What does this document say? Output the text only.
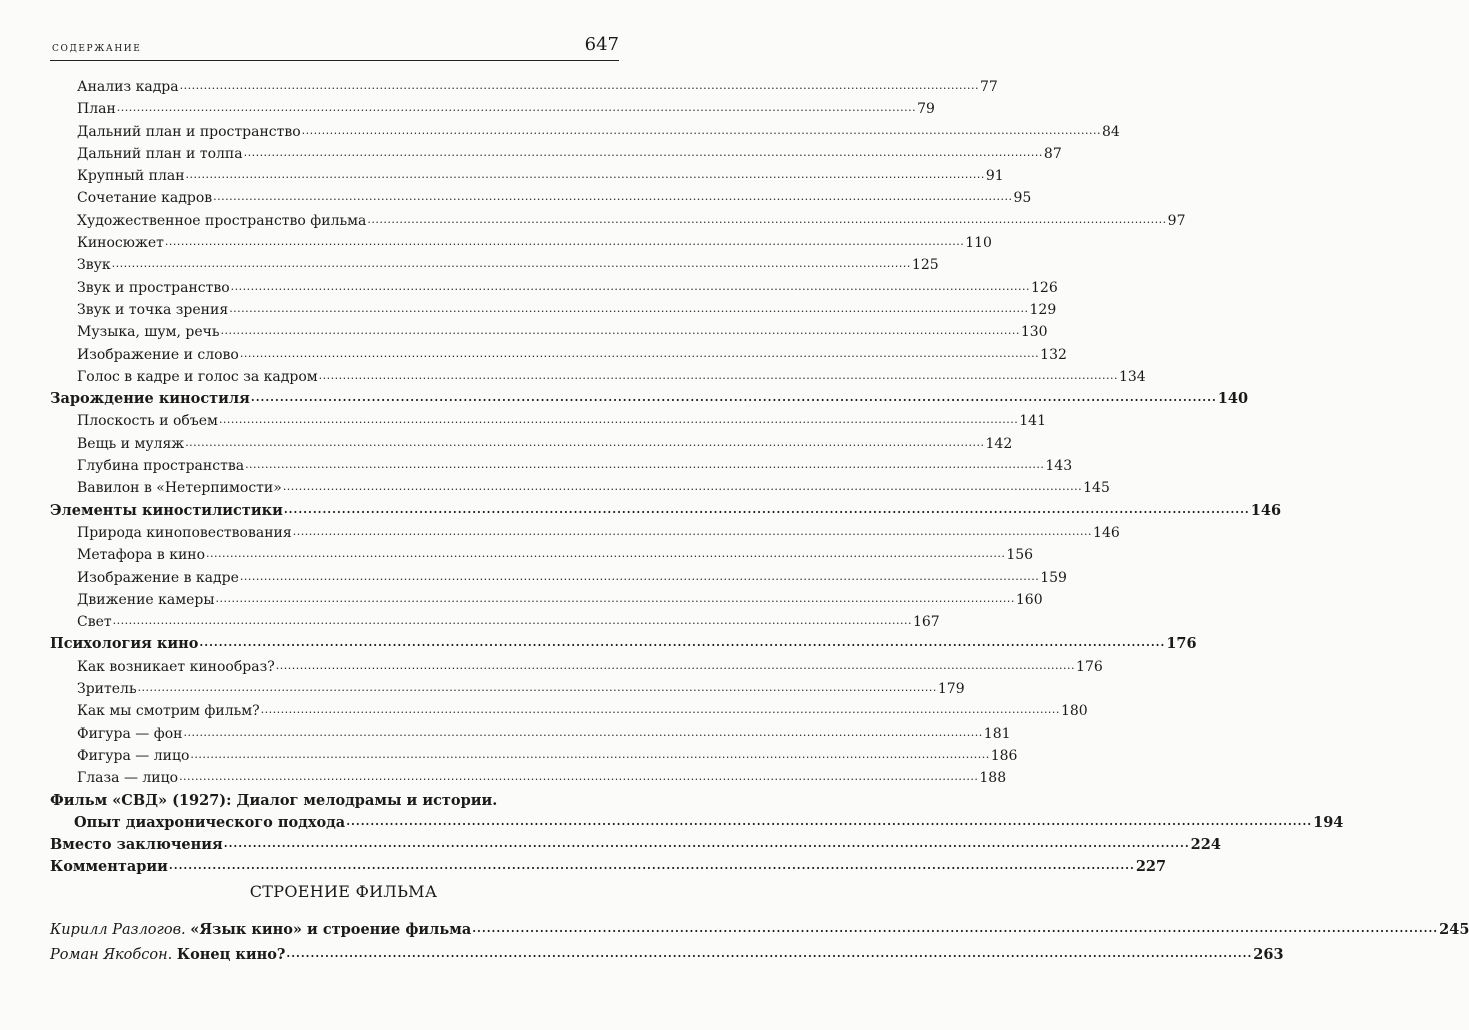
содержание	647
Анализ кадра ........................................................................................................................................................................................................ 77
План ........................................................................................................................................................................................................ 79
Дальний план и пространство ........................................................................................................................................................................................................ 84
Дальний план и толпа ........................................................................................................................................................................................................ 87
Крупный план ........................................................................................................................................................................................................ 91
Сочетание кадров ........................................................................................................................................................................................................ 95
Художественное пространство фильма ........................................................................................................................................................................................................ 97
Киносюжет ........................................................................................................................................................................................................ 110
Звук ........................................................................................................................................................................................................ 125
Звук и пространство ........................................................................................................................................................................................................ 126
Звук и точка зрения ........................................................................................................................................................................................................ 129
Музыка, шум, речь ........................................................................................................................................................................................................ 130
Изображение и слово ........................................................................................................................................................................................................ 132
Голос в кадре и голос за кадром ........................................................................................................................................................................................................ 134
Зарождение киностиля ........................................................................................................................................................................................................ 140
Плоскость и объем ........................................................................................................................................................................................................ 141
Вещь и муляж ........................................................................................................................................................................................................ 142
Глубина пространства ........................................................................................................................................................................................................ 143
Вавилон в «Нетерпимости» ........................................................................................................................................................................................................ 145
Элементы киностилистики ........................................................................................................................................................................................................ 146
Природа киноповествования ........................................................................................................................................................................................................ 146
Метафора в кино ........................................................................................................................................................................................................ 156
Изображение в кадре ........................................................................................................................................................................................................ 159
Движение камеры ........................................................................................................................................................................................................ 160
Свет ........................................................................................................................................................................................................ 167
Психология кино ........................................................................................................................................................................................................ 176
Как возникает кинообраз? ........................................................................................................................................................................................................ 176
Зритель ........................................................................................................................................................................................................ 179
Как мы смотрим фильм? ........................................................................................................................................................................................................ 180
Фигура — фон ........................................................................................................................................................................................................ 181
Фигура — лицо ........................................................................................................................................................................................................ 186
Глаза — лицо ........................................................................................................................................................................................................ 188
Фильм «СВД» (1927): Диалог мелодрамы и истории.
Опыт диахронического подхода ........................................................................................................................................................................................................ 194
Вместо заключения ........................................................................................................................................................................................................ 224
Комментарии ........................................................................................................................................................................................................ 227
СТРОЕНИЕ ФИЛЬМА
Кирилл Разлогов. «Язык кино» и строение фильма ........................................................................................................................................................................................................ 245
Роман Якобсон. Конец кино? ........................................................................................................................................................................................................ 263
